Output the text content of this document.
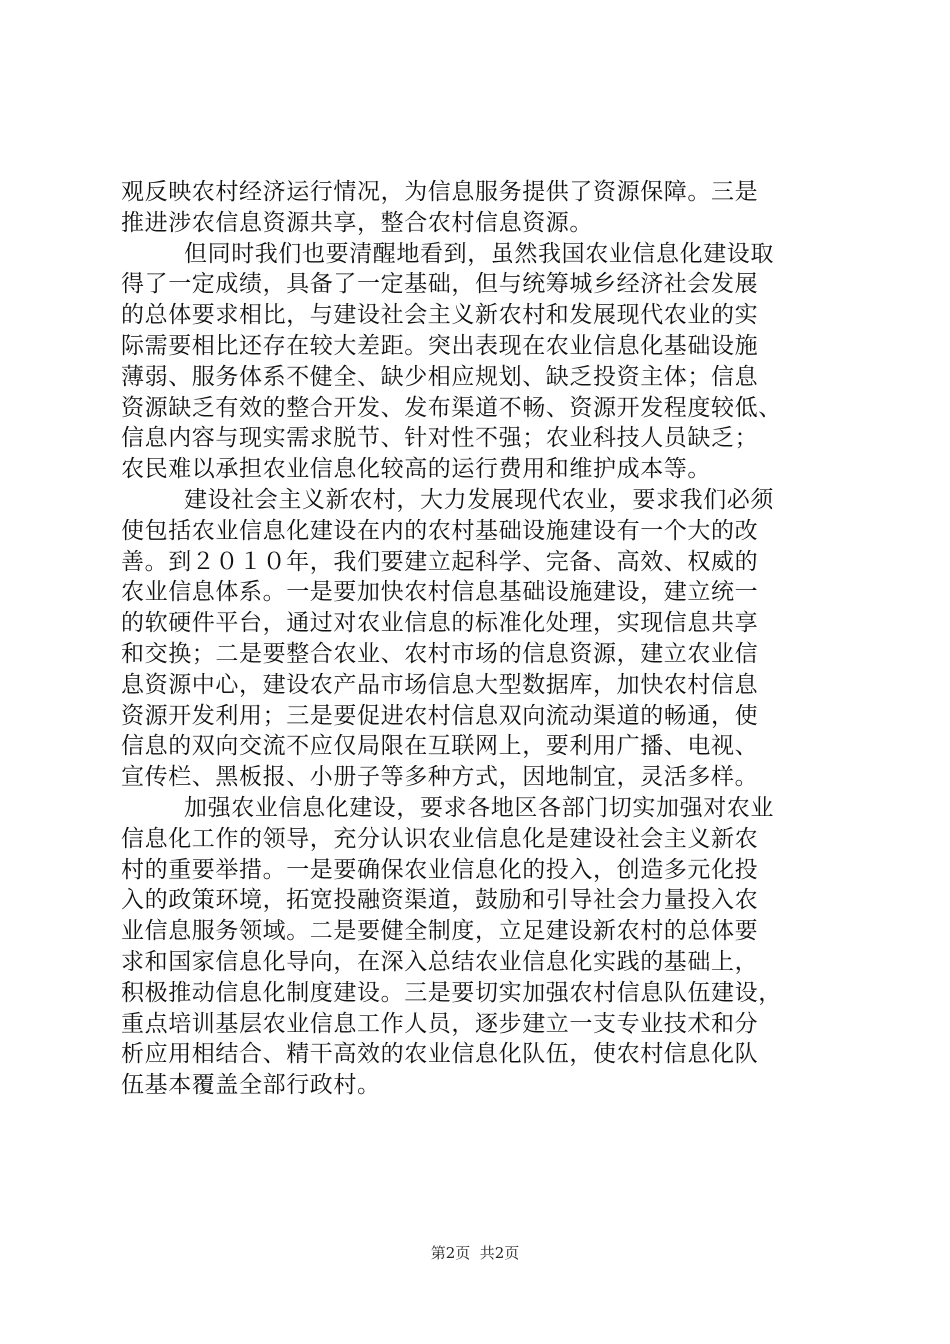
观反映农村经济运行情况，为信息服务提供了资源保障。三是
推进涉农信息资源共享，整合农村信息资源。
但同时我们也要清醒地看到，虽然我国农业信息化建设取
得了一定成绩，具备了一定基础，但与统筹城乡经济社会发展
的总体要求相比，与建设社会主义新农村和发展现代农业的实
际需要相比还存在较大差距。突出表现在农业信息化基础设施
薄弱、服务体系不健全、缺少相应规划、缺乏投资主体；信息
资源缺乏有效的整合开发、发布渠道不畅、资源开发程度较低、
信息内容与现实需求脱节、针对性不强；农业科技人员缺乏；
农民难以承担农业信息化较高的运行费用和维护成本等。
建设社会主义新农村，大力发展现代农业，要求我们必须
使包括农业信息化建设在内的农村基础设施建设有一个大的改
善。到２０１０年，我们要建立起科学、完备、高效、权威的
农业信息体系。一是要加快农村信息基础设施建设，建立统一
的软硬件平台，通过对农业信息的标准化处理，实现信息共享
和交换；二是要整合农业、农村市场的信息资源，建立农业信
息资源中心，建设农产品市场信息大型数据库，加快农村信息
资源开发利用；三是要促进农村信息双向流动渠道的畅通，使
信息的双向交流不应仅局限在互联网上，要利用广播、电视、
宣传栏、黑板报、小册子等多种方式，因地制宜，灵活多样。
加强农业信息化建设，要求各地区各部门切实加强对农业
信息化工作的领导，充分认识农业信息化是建设社会主义新农
村的重要举措。一是要确保农业信息化的投入，创造多元化投
入的政策环境，拓宽投融资渠道，鼓励和引导社会力量投入农
业信息服务领域。二是要健全制度，立足建设新农村的总体要
求和国家信息化导向，在深入总结农业信息化实践的基础上，
积极推动信息化制度建设。三是要切实加强农村信息队伍建设，
重点培训基层农业信息工作人员，逐步建立一支专业技术和分
析应用相结合、精干高效的农业信息化队伍，使农村信息化队
伍基本覆盖全部行政村。
第2页  共2页
